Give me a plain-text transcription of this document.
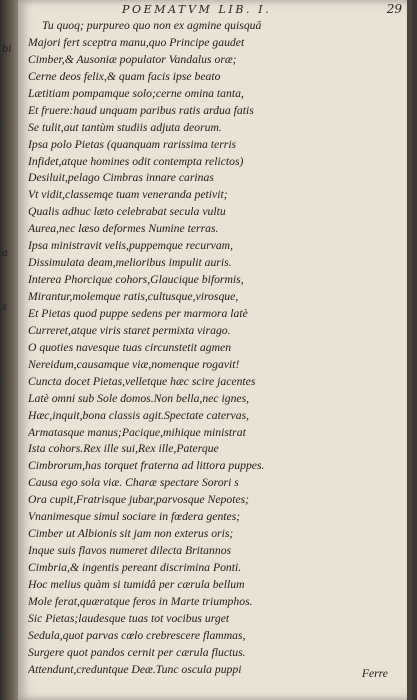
bi
a
s
POEMATVM LIB. I.	29
Tu quoq; purpureo quo non ex agmine quisquā
Majori fert sceptra manu,quo Principe gaudet
Cimber,& Ausoniæ populator Vandalus oræ;
Cerne deos felix,& quam facis ipse beato
Lætitiam pompamque solo;cerne omina tanta,
Et fruere:haud unquam paribus ratis ardua fatis
Se tulit,aut tantùm studiis adjuta deorum.
Ipsa polo Pietas (quanquam rarissima terris
Infidet,atque homines odit contempta relictos)
Desiluit,pelago Cimbras innare carinas
Vt vidit,classemqe tuam veneranda petivit;
Qualis adhuc læto celebrabat secula vultu
Aurea,nec læso deformes Numine terras.
Ipsa ministravit velis,puppemque recurvam,
Dissimulata deam,melioribus impulit auris.
Interea Phorcique cohors,Glaucique biformis,
Mirantur,molemque ratis,cultusque,virosque,
Et Pietas quod puppe sedens per marmora latè
Curreret,atque viris staret permixta virago.
O quoties navesque tuas circunstetit agmen
Nereidum,causamque viæ,nomenque rogavit!
Cuncta docet Pietas,velletque hæc scire jacentes
Latè omni sub Sole domos.Non bella,nec ignes,
Hæc,inquit,bona classis agit.Spectate catervas,
Armatasque manus;Pacique,mihique ministrat
Ista cohors.Rex ille sui,Rex ille,Paterque
Cimbrorum,has torquet fraterna ad littora puppes.
Causa ego sola viæ. Charæ spectare Sorori s
Ora cupit,Fratrisque jubar,parvosque Nepotes;
Vnanimesque simul sociare in fœdera gentes;
Cimber ut Albionis sit jam non exterus oris;
Inque suis flavos numeret dilecta Britannos
Cimbria,& ingentis pereant discrimina Ponti.
Hoc melius quàm si tumidâ per cærula bellum
Mole ferat,quæratque feros in Marte triumphos.
Sic Pietas;laudesque tuas tot vocibus urget
Sedula,quot parvas cœlo crebrescere flammas,
Surgere quot pandos cernit per cærula fluctus.
Attendunt,creduntque Deæ.Tunc oscula puppi	Ferre
